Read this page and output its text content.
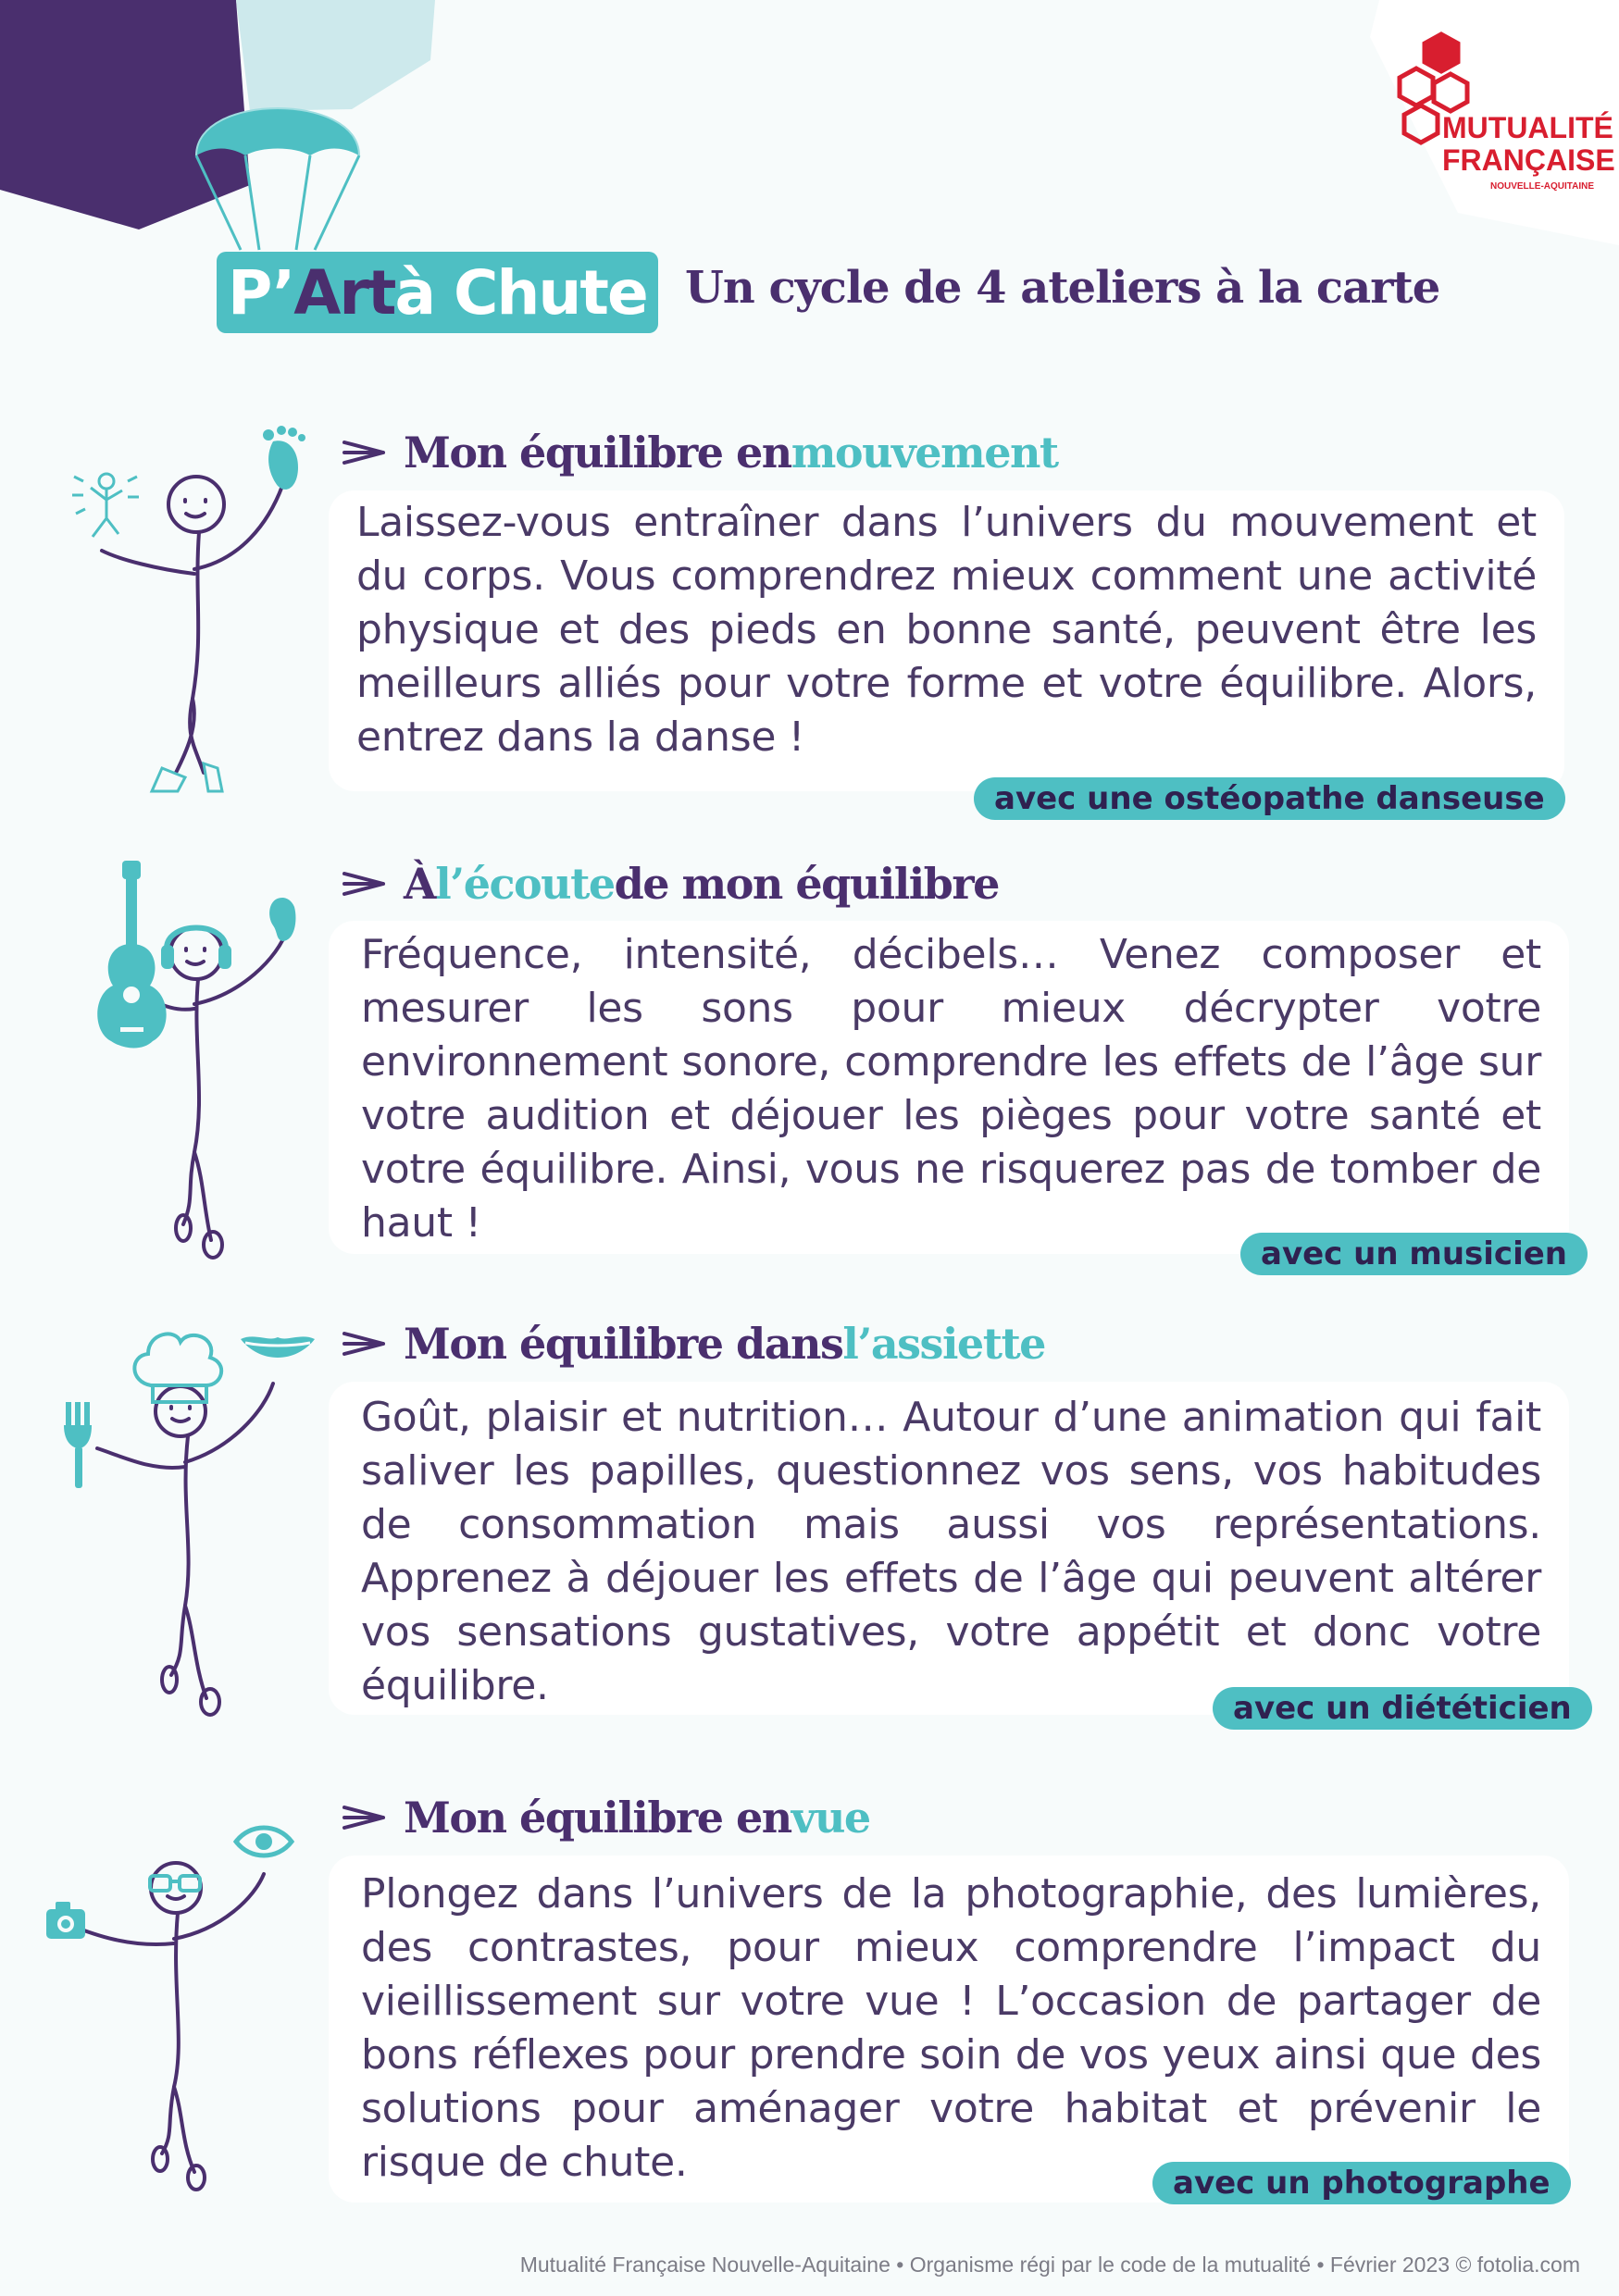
P’ Art à Chute Un cycle de 4 ateliers à la carte
MUTUALITÉ
FRANÇAISE
NOUVELLE-AQUITAINE
Mon équilibre en mouvement
Laissez-vous entraîner dans l’univers du mouvement et du corps. Vous comprendrez mieux comment une activité physique et des pieds en bonne santé, peuvent être les meilleurs alliés pour votre forme et votre équilibre. Alors, entrez dans la danse !
avec une ostéopathe danseuse
À l’écoute de mon équilibre
Fréquence, intensité, décibels… Venez composer et mesurer les sons pour mieux décrypter votre environnement sonore, comprendre les effets de l’âge sur votre audition et déjouer les pièges pour votre santé et votre équilibre. Ainsi, vous ne risquerez pas de tomber de haut !
avec un musicien
Mon équilibre dans l’assiette
Goût, plaisir et nutrition… Autour d’une animation qui fait saliver les papilles, questionnez vos sens, vos habitudes de consommation mais aussi vos représentations. Apprenez à déjouer les effets de l’âge qui peuvent altérer vos sensations gustatives, votre appétit et donc votre équilibre.	avec un diététicien
Mon équilibre en vue
Plongez dans l’univers de la photographie, des lumières, des contrastes, pour mieux comprendre l’impact du vieillissement sur votre vue ! L’occasion de partager de bons réflexes pour prendre soin de vos yeux ainsi que des solutions pour aménager votre habitat et prévenir le risque de chute.	avec un photographe
Mutualité Française Nouvelle-Aquitaine • Organisme régi par le code de la mutualité • Février 2023 © fotolia.com
